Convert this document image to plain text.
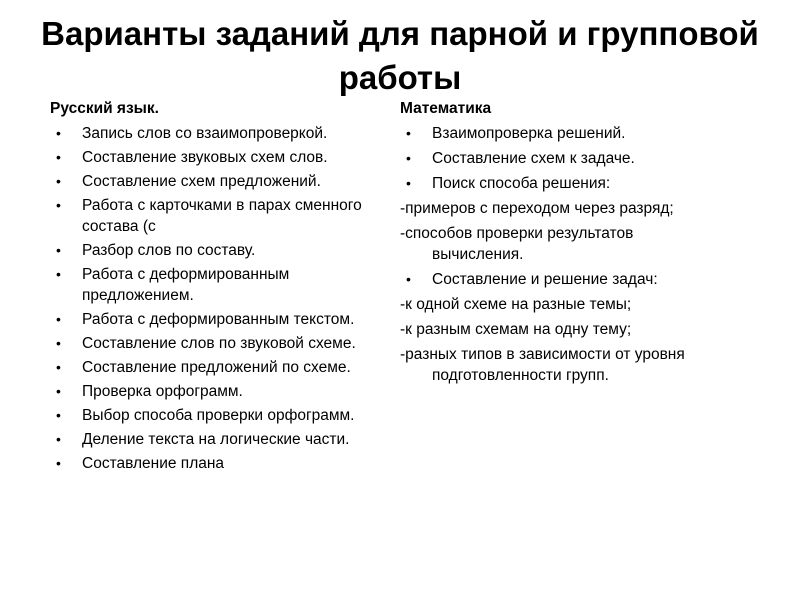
Варианты заданий для парной и групповой работы
Русский язык.
• Запись слов со взаимопроверкой.
• Составление звуковых схем слов.
• Составление схем предложений.
• Работа с карточками в парах сменного состава (с
• Разбор слов по составу.
• Работа с деформированным предложением.
• Работа с деформированным текстом.
• Составление слов по звуковой схеме.
• Составление предложений по схеме.
• Проверка орфограмм.
• Выбор способа проверки орфограмм.
• Деление текста на логические части.
• Составление плана
Математика
• Взаимопроверка решений.
• Составление схем к задаче.
• Поиск способа решения:
-примеров с переходом через разряд;
-способов проверки результатов
вычисления.
• Составление и решение задач:
-к одной схеме на разные темы;
-к разным схемам на одну тему;
-разных типов в зависимости от уровня
подготовленности групп.
